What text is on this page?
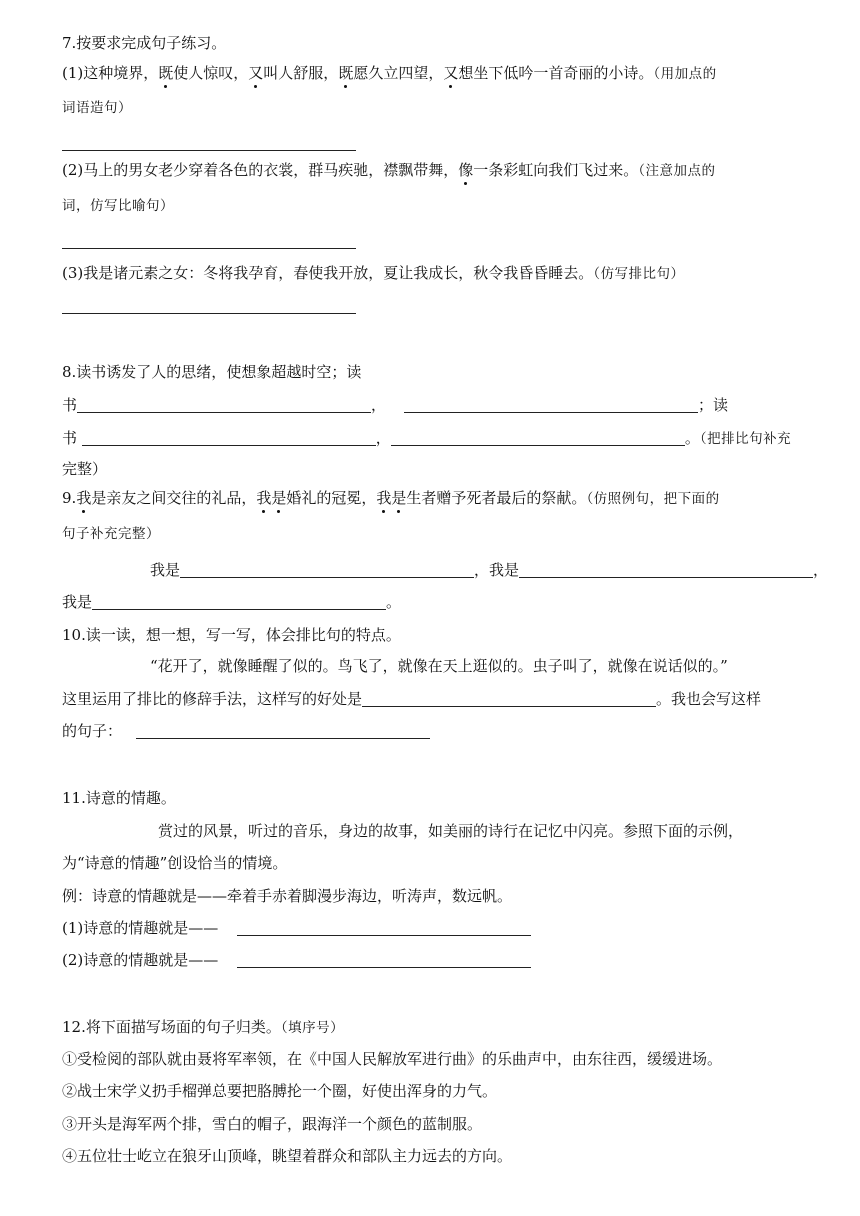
7.按要求完成句子练习。
(1)这种境界，既使人惊叹，又叫人舒服，既愿久立四望，又想坐下低吟一首奇丽的小诗。（用加点的
词语造句）
(2)马上的男女老少穿着各色的衣裳，群马疾驰，襟飘带舞，像一条彩虹向我们飞过来。（注意加点的
词，仿写比喻句）
(3)我是诸元素之女：冬将我孕育，春使我开放，夏让我成长，秋令我昏昏睡去。（仿写排比句）
8.读书诱发了人的思绪，使想象超越时空；读
书	，	；读
书	，	。（把排比句补充
完整）
9.我是亲友之间交往的礼品，我是婚礼的冠冕，我是生者赠予死者最后的祭献。（仿照例句，把下面的
句子补充完整）
我是	，我是	，
我是	。
10.读一读，想一想，写一写，体会排比句的特点。
“花开了，就像睡醒了似的。鸟飞了，就像在天上逛似的。虫子叫了，就像在说话似的。”
这里运用了排比的修辞手法，这样写的好处是	。我也会写这样
的句子：
11.诗意的情趣。
赏过的风景，听过的音乐，身边的故事，如美丽的诗行在记忆中闪亮。参照下面的示例，
为“诗意的情趣”创设恰当的情境。
例：诗意的情趣就是——牵着手赤着脚漫步海边，听涛声，数远帆。
(1)诗意的情趣就是——
(2)诗意的情趣就是——
12.将下面描写场面的句子归类。（填序号）
①受检阅的部队就由聂将军率领，在《中国人民解放军进行曲》的乐曲声中，由东往西，缓缓进场。
②战士宋学义扔手榴弹总要把胳膊抡一个圈，好使出浑身的力气。
③开头是海军两个排，雪白的帽子，跟海洋一个颜色的蓝制服。
④五位壮士屹立在狼牙山顶峰，眺望着群众和部队主力远去的方向。
